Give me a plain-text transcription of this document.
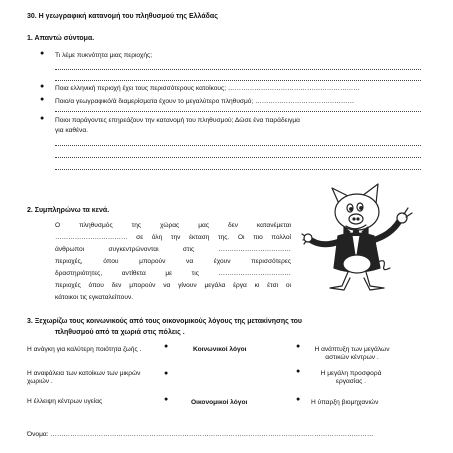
30. Η γεωγραφική κατανομή του πληθυσμού της Ελλάδας
1. Απαντώ σύντομα.
● Τι λέμε πυκνότητα μιας περιοχής;
● Ποια ελληνική περιοχή έχει τους περισσότερους κατοίκους; ……………………………………………………
● Ποιο/α γεωγραφικό/ά διαμερίσματα έχουν το μεγαλύτερο πληθυσμό; ………………………………………
● Ποιοι παράγοντες επηρεάζουν την κατανομή του πληθυσμού; Δώσε ένα παράδειγμα
για καθένα.
2. Συμπληρώνω τα κενά.
Ο πληθυσμός της χώρας μας δεν κατανέμεται
…………………………… σε όλη την έκταση της. Οι πιο πολλοί
άνθρωποι συγκεντρώνονται στις ……………………………
περιοχές, όπου μπορούν να έχουν περισσότερες
δραστηριότητες, αντίθετα με τις ……………………………
περιοχές όπου δεν μπορούν να γίνουν μεγάλα έργα κι έτσι οι
κάτοικοι τις εγκαταλείπουν.
3. Ξεχωρίζω τους κοινωνικούς από τους οικονομικούς λόγους της μετακίνησης του
πληθυσμού από τα χωριά στις πόλεις .
Η ανάγκη για καλύτερη ποιότητα ζωής .
Η αναφάλεια των κατοίκων των μικρών χωριών .
Η έλλειψη κέντρων υγείας
●
●
●
Κοινωνικοί λόγοι
Οικονομικοί λόγοι
●
●
●
Η ανάπτυξη των μεγάλων αστικών κέντρων .
Η μεγάλη προσφορά εργασίας .
Η ύπαρξη βιομηχανιών
Όνομα: …………………………………………………………………………………………………………………………………
